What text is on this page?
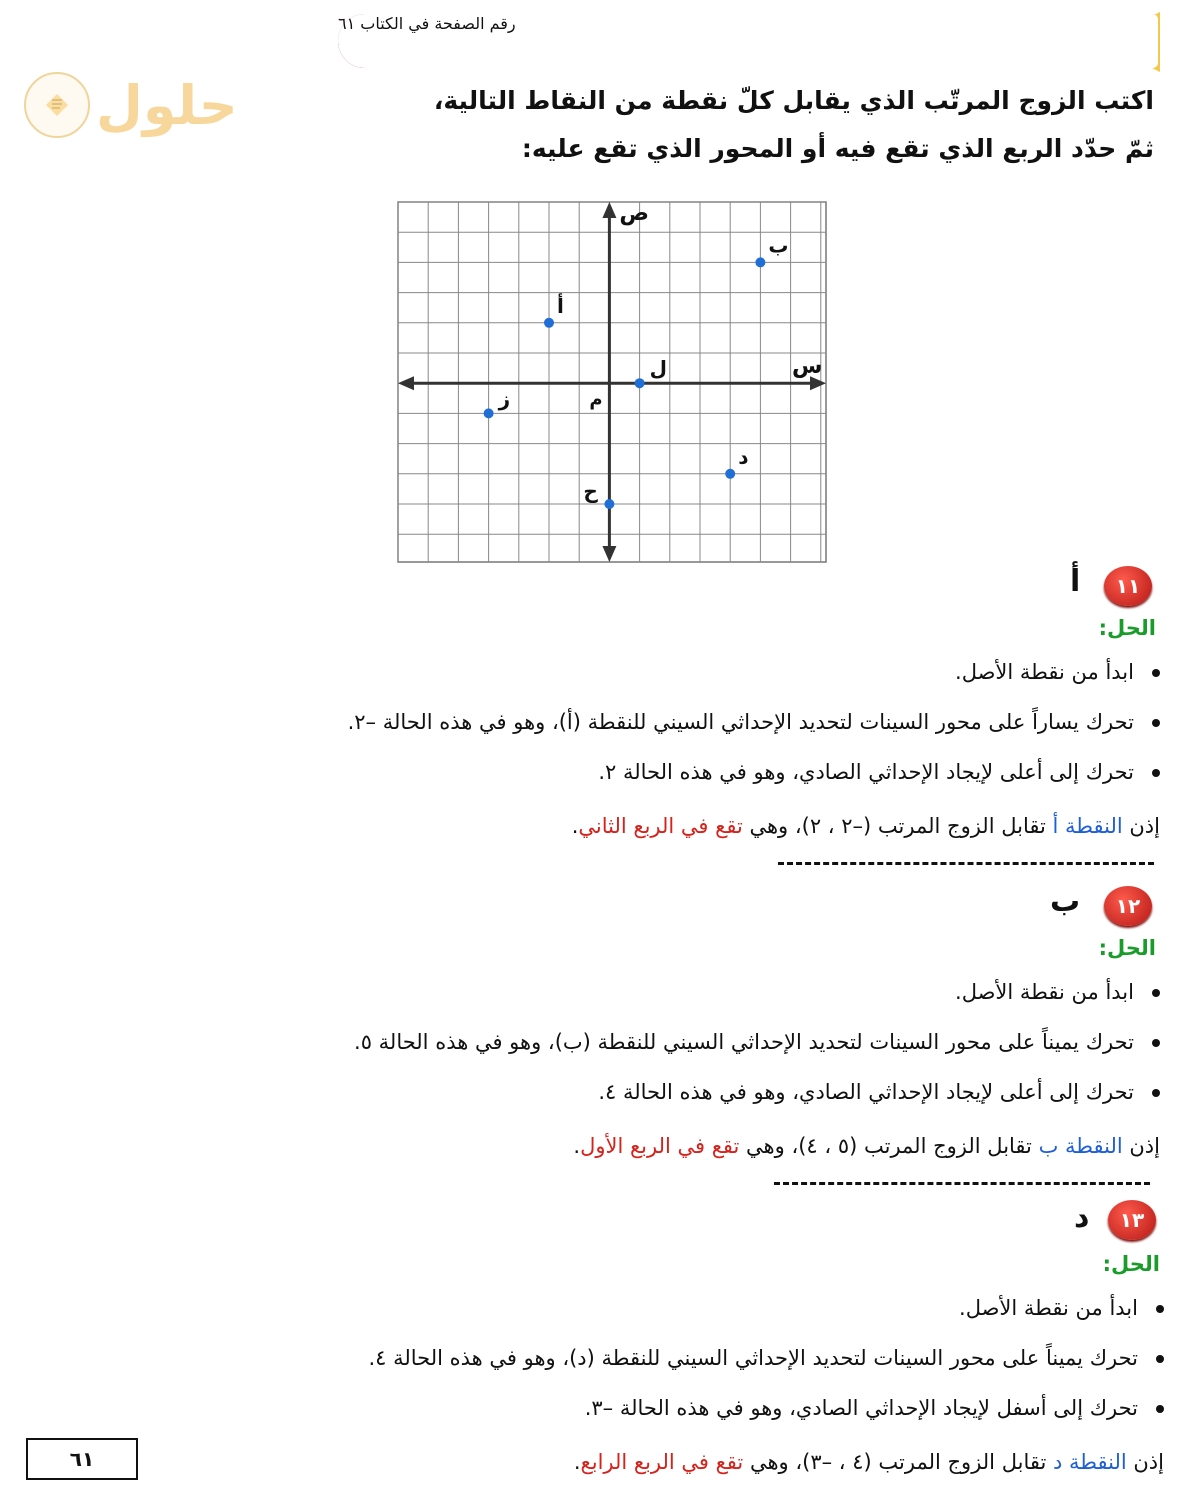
رقم الصفحة في الكتاب ٦١
حلول	اكتب الزوج المرتّب الذي يقابل كلّ نقطة من النقاط التالية،
ثمّ حدّد الربع الذي تقع فيه أو المحور الذي تقع عليه:
س
ص
م
أ
ب
ل
ز
د
ح
١١
أ
الحل:
ابدأ من نقطة الأصل.
تحرك يساراً على محور السينات لتحديد الإحداثي السيني للنقطة (أ)، وهو في هذه الحالة –٢.
تحرك إلى أعلى لإيجاد الإحداثي الصادي، وهو في هذه الحالة ٢.
إذن النقطة أ تقابل الزوج المرتب (–٢ ، ٢)، وهي تقع في الربع الثاني.
١٢
ب
الحل:
ابدأ من نقطة الأصل.
تحرك يميناً على محور السينات لتحديد الإحداثي السيني للنقطة (ب)، وهو في هذه الحالة ٥.
تحرك إلى أعلى لإيجاد الإحداثي الصادي، وهو في هذه الحالة ٤.
إذن النقطة ب تقابل الزوج المرتب (٥ ، ٤)، وهي تقع في الربع الأول.
١٣
د
الحل:
ابدأ من نقطة الأصل.
تحرك يميناً على محور السينات لتحديد الإحداثي السيني للنقطة (د)، وهو في هذه الحالة ٤.
تحرك إلى أسفل لإيجاد الإحداثي الصادي، وهو في هذه الحالة –٣.
إذن النقطة د تقابل الزوج المرتب (٤ ، –٣)، وهي تقع في الربع الرابع.
٦١
